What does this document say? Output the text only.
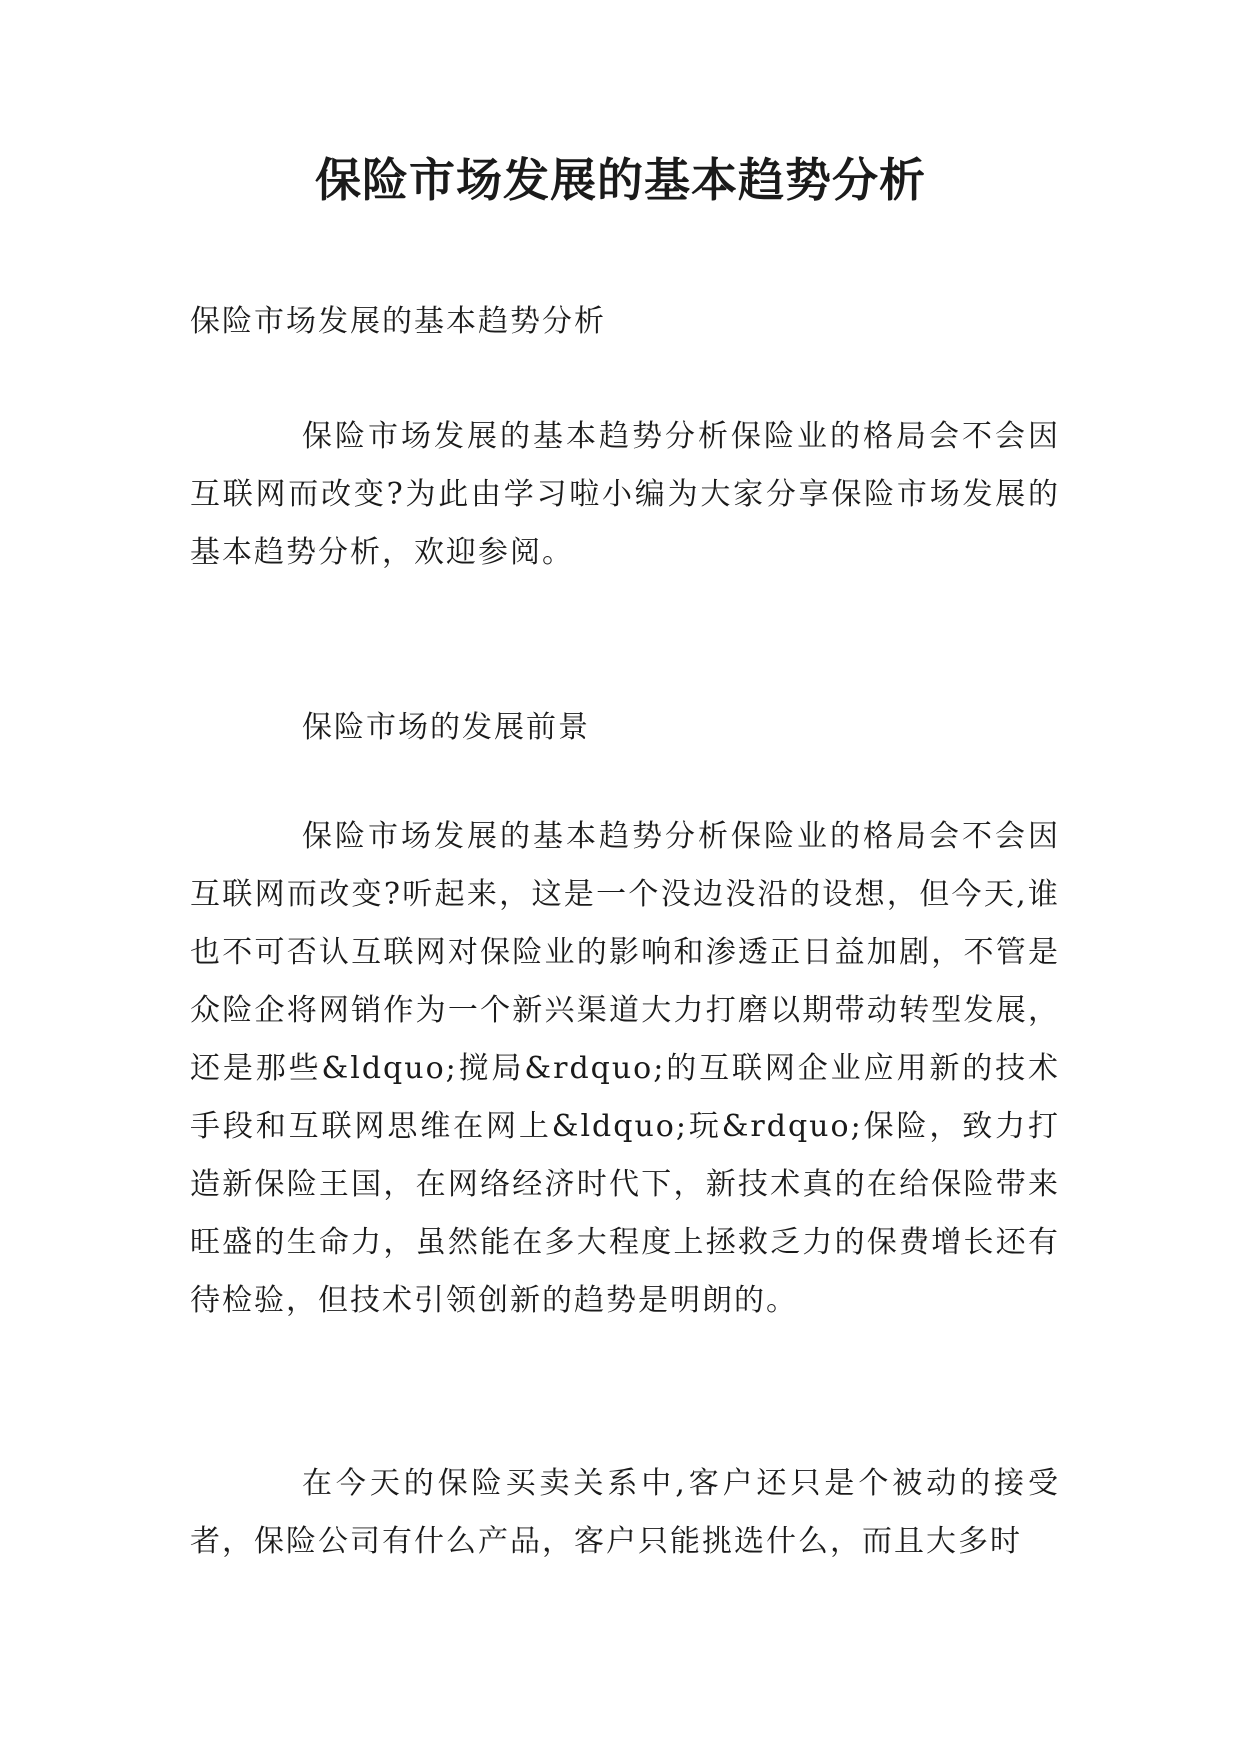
保险市场发展的基本趋势分析

保险市场发展的基本趋势分析

保险市场发展的基本趋势分析保险业的格局会不会因互联网而改变?为此由学习啦小编为大家分享保险市场发展的基本趋势分析，欢迎参阅。

保险市场的发展前景

保险市场发展的基本趋势分析保险业的格局会不会因互联网而改变?听起来，这是一个没边没沿的设想，但今天,谁也不可否认互联网对保险业的影响和渗透正日益加剧，不管是众险企将网销作为一个新兴渠道大力打磨以期带动转型发展，还是那些&ldquo;搅局&rdquo;的互联网企业应用新的技术手段和互联网思维在网上&ldquo;玩&rdquo;保险，致力打造新保险王国，在网络经济时代下，新技术真的在给保险带来旺盛的生命力，虽然能在多大程度上拯救乏力的保费增长还有待检验，但技术引领创新的趋势是明朗的。

在今天的保险买卖关系中,客户还只是个被动的接受者，保险公司有什么产品，客户只能挑选什么，而且大多时
